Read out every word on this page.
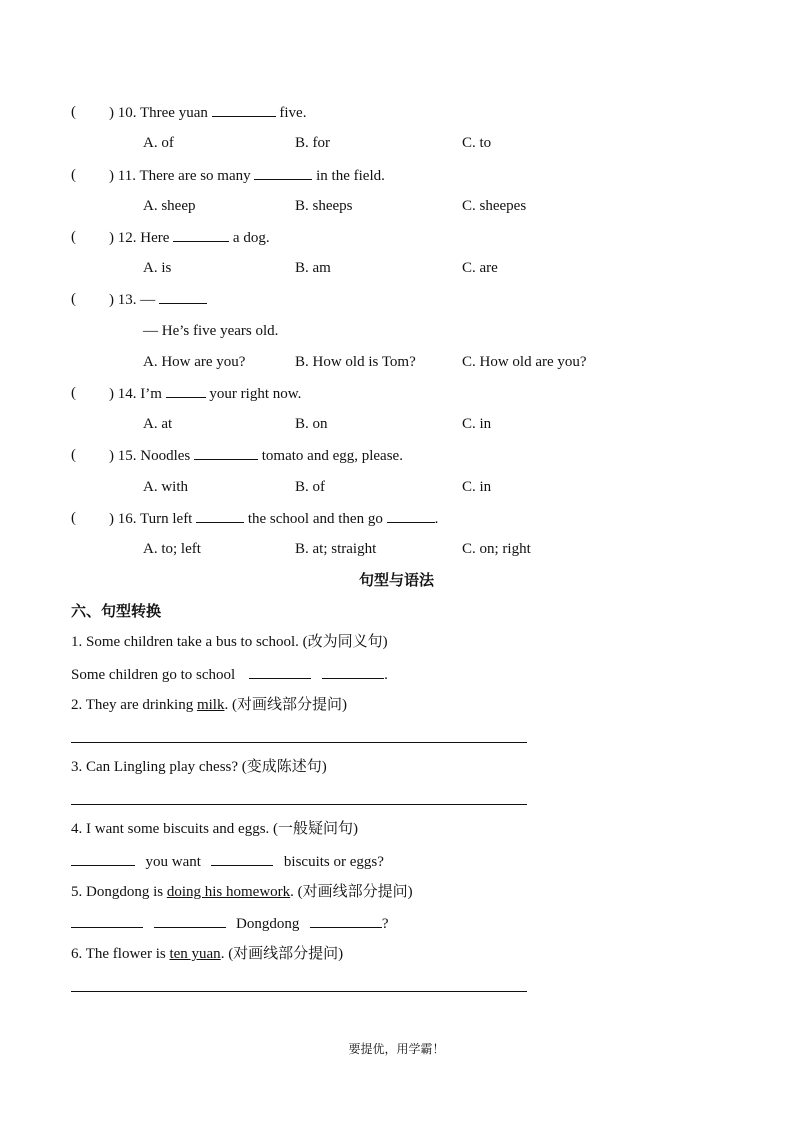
( ) 10. Three yuan	five.
A. of	B. for	C. to
( ) 11. There are so many	in the field.
A. sheep	B. sheeps	C. sheepes
( ) 12. Here	a dog.
A. is	B. am	C. are
( ) 13. —
— He’s five years old.
A. How are you?	B. How old is Tom?	C. How old are you?
( ) 14. I’m	your right now.
A. at	B. on	C. in
( ) 15. Noodles	tomato and egg, please.
A. with	B. of	C. in
( ) 16. Turn left	the school and then go	.
A. to; left	B. at; straight	C. on; right
句型与语法
六、句型转换
1. Some children take a bus to school. (改为同义句)
Some children go to school	.
2. They are drinking milk. (对画线部分提问)
3. Can Lingling play chess? (变成陈述句)
4. I want some biscuits and eggs. (一般疑问句)
you want	biscuits or eggs?
5. Dongdong is doing his homework. (对画线部分提问)
Dongdong	?
6. The flower is ten yuan. (对画线部分提问)
要提优，用学霸！
